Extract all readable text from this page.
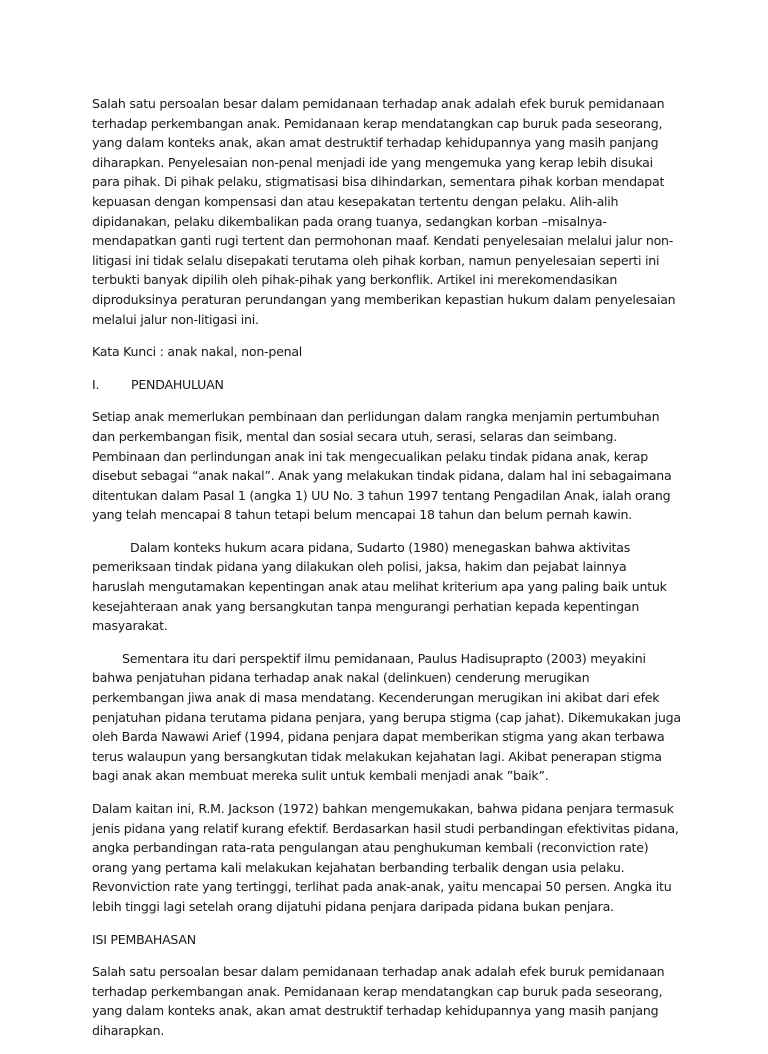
Salah satu persoalan besar dalam pemidanaan terhadap anak adalah efek buruk pemidanaan terhadap perkembangan anak. Pemidanaan kerap mendatangkan cap buruk pada seseorang, yang dalam konteks anak, akan amat destruktif terhadap kehidupannya yang masih panjang diharapkan. Penyelesaian non-penal menjadi ide yang mengemuka yang kerap lebih disukai para pihak. Di pihak pelaku, stigmatisasi bisa dihindarkan, sementara pihak korban mendapat kepuasan dengan kompensasi dan atau kesepakatan tertentu dengan pelaku. Alih-alih dipidanakan, pelaku dikembalikan pada orang tuanya, sedangkan korban –misalnya-mendapatkan ganti rugi tertent dan permohonan maaf. Kendati penyelesaian melalui jalur non-litigasi ini tidak selalu disepakati terutama oleh pihak korban, namun penyelesaian seperti ini terbukti banyak dipilih oleh pihak-pihak yang berkonflik. Artikel ini merekomendasikan diproduksinya peraturan perundangan yang memberikan kepastian hukum dalam penyelesaian melalui jalur non-litigasi ini.

Kata Kunci : anak nakal, non-penal

I.	PENDAHULUAN

Setiap anak memerlukan pembinaan dan perlidungan dalam rangka menjamin pertumbuhan dan perkembangan fisik, mental dan sosial secara utuh, serasi, selaras dan seimbang. Pembinaan dan perlindungan anak ini tak mengecualikan pelaku tindak pidana anak, kerap disebut sebagai “anak nakal”. Anak yang melakukan tindak pidana, dalam hal ini sebagaimana ditentukan dalam Pasal 1 (angka 1) UU No. 3 tahun 1997 tentang Pengadilan Anak, ialah orang yang telah mencapai 8 tahun tetapi belum mencapai 18 tahun dan belum pernah kawin.

Dalam konteks hukum acara pidana, Sudarto (1980) menegaskan bahwa aktivitas pemeriksaan tindak pidana yang dilakukan oleh polisi, jaksa, hakim dan pejabat lainnya haruslah mengutamakan kepentingan anak atau melihat kriterium apa yang paling baik untuk kesejahteraan anak yang bersangkutan tanpa mengurangi perhatian kepada kepentingan masyarakat.

Sementara itu dari perspektif ilmu pemidanaan, Paulus Hadisuprapto (2003) meyakini bahwa penjatuhan pidana terhadap anak nakal (delinkuen) cenderung merugikan perkembangan jiwa anak di masa mendatang. Kecenderungan merugikan ini akibat dari efek penjatuhan pidana terutama pidana penjara, yang berupa stigma (cap jahat). Dikemukakan juga oleh Barda Nawawi Arief (1994, pidana penjara dapat memberikan stigma yang akan terbawa terus walaupun yang bersangkutan tidak melakukan kejahatan lagi. Akibat penerapan stigma bagi anak akan membuat mereka sulit untuk kembali menjadi anak ”baik”.

Dalam kaitan ini, R.M. Jackson (1972) bahkan mengemukakan, bahwa pidana penjara termasuk jenis pidana yang relatif kurang efektif. Berdasarkan hasil studi perbandingan efektivitas pidana, angka perbandingan rata-rata pengulangan atau penghukuman kembali (reconviction rate) orang yang pertama kali melakukan kejahatan berbanding terbalik dengan usia pelaku. Revonviction rate yang tertinggi, terlihat pada anak-anak, yaitu mencapai 50 persen. Angka itu lebih tinggi lagi setelah orang dijatuhi pidana penjara daripada pidana bukan penjara.

ISI PEMBAHASAN

Salah satu persoalan besar dalam pemidanaan terhadap anak adalah efek buruk pemidanaan terhadap perkembangan anak. Pemidanaan kerap mendatangkan cap buruk pada seseorang, yang dalam konteks anak, akan amat destruktif terhadap kehidupannya yang masih panjang diharapkan.
